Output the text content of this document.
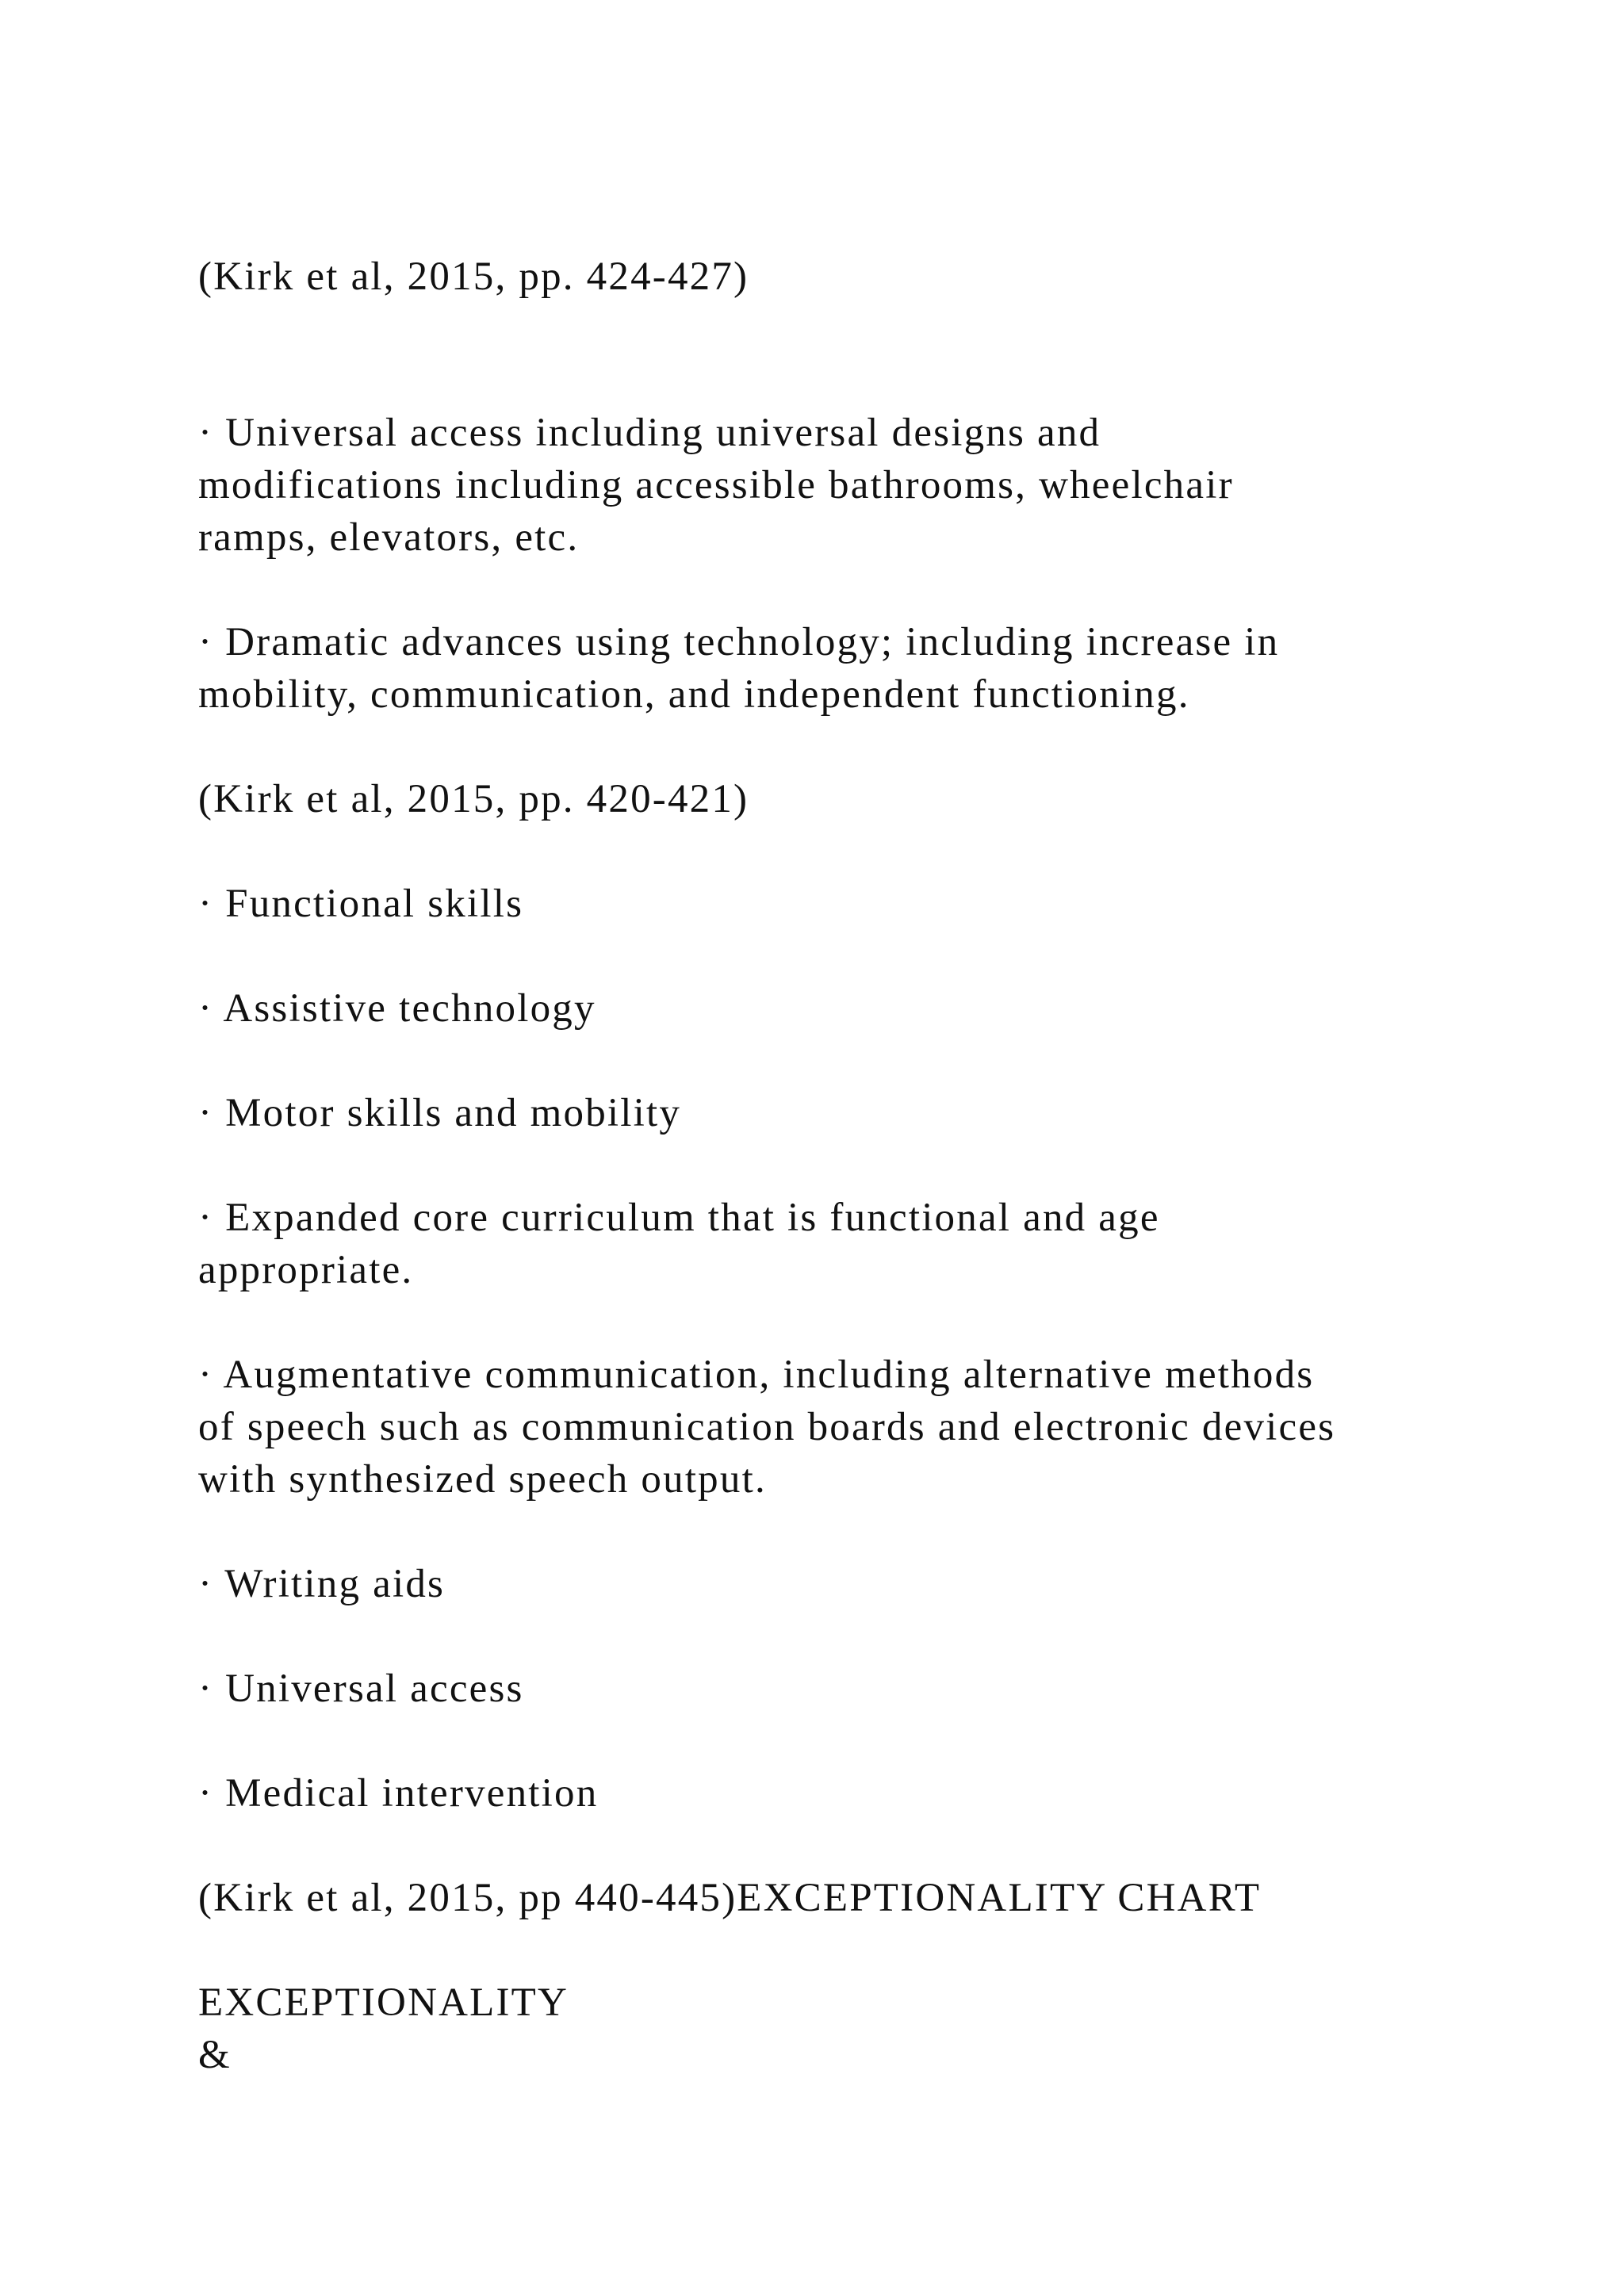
(Kirk et al, 2015, pp. 424-427)

· Universal access including universal designs and

modifications including accessible bathrooms, wheelchair

ramps, elevators, etc.

· Dramatic advances using technology; including increase in

mobility, communication, and independent functioning.

(Kirk et al, 2015, pp. 420-421)

· Functional skills

· Assistive technology

· Motor skills and mobility

· Expanded core curriculum that is functional and age

appropriate.

· Augmentative communication, including alternative methods

of speech such as communication boards and electronic devices

with synthesized speech output.

· Writing aids

· Universal access

· Medical intervention

(Kirk et al, 2015, pp 440-445)EXCEPTIONALITY CHART

EXCEPTIONALITY

&
